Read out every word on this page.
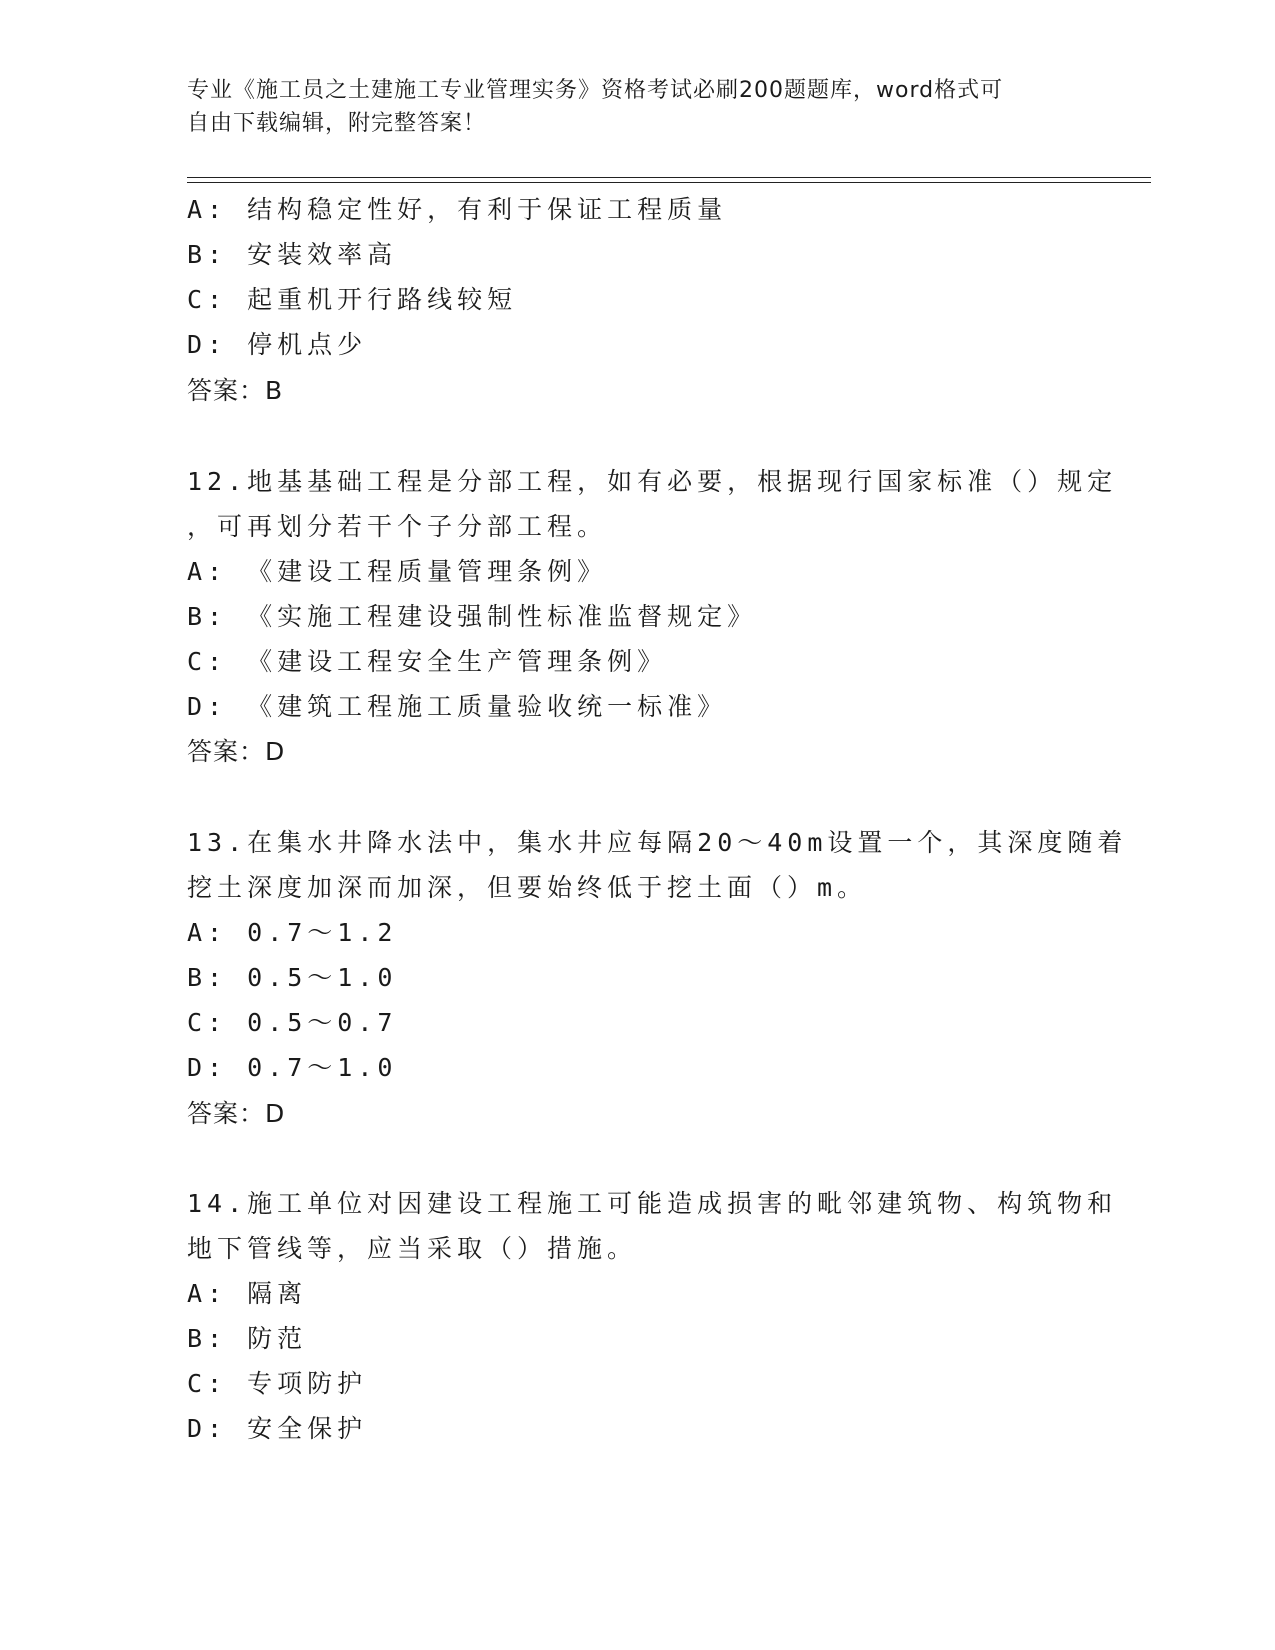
专业《施工员之土建施工专业管理实务》资格考试必刷200题题库，word格式可
自由下载编辑，附完整答案！
A: 结构稳定性好，有利于保证工程质量
B: 安装效率高
C: 起重机开行路线较短
D: 停机点少
答案：B
12.地基基础工程是分部工程，如有必要，根据现行国家标准（）规定
，可再划分若干个子分部工程。
A: 《建设工程质量管理条例》
B: 《实施工程建设强制性标准监督规定》
C: 《建设工程安全生产管理条例》
D: 《建筑工程施工质量验收统一标准》
答案：D
13.在集水井降水法中，集水井应每隔20～40m设置一个，其深度随着
挖土深度加深而加深，但要始终低于挖土面（）m。
A: 0.7～1.2
B: 0.5～1.0
C: 0.5～0.7
D: 0.7～1.0
答案：D
14.施工单位对因建设工程施工可能造成损害的毗邻建筑物、构筑物和
地下管线等，应当采取（）措施。
A: 隔离
B: 防范
C: 专项防护
D: 安全保护
